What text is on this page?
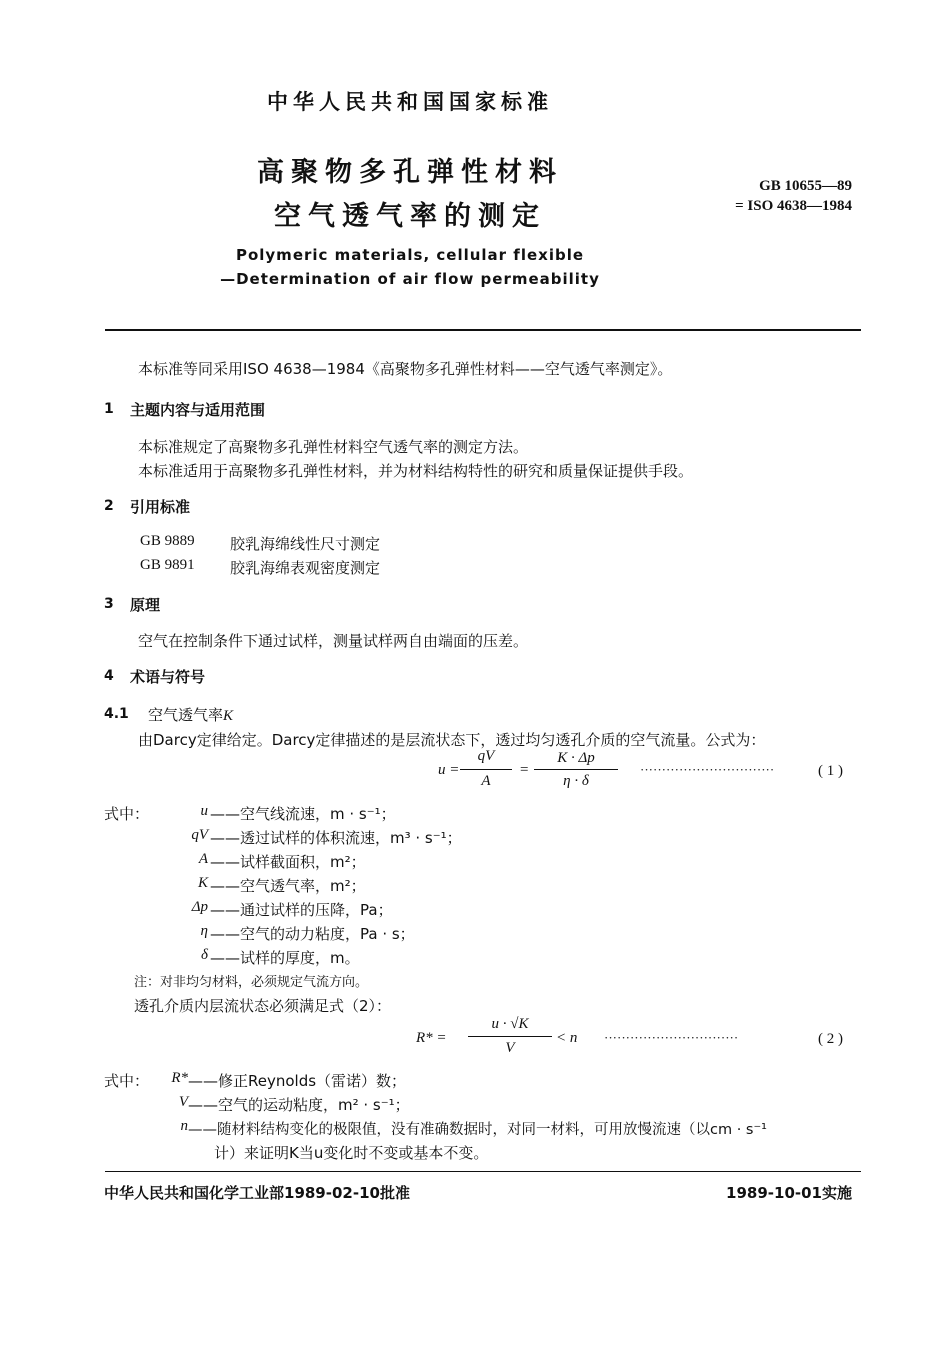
中华人民共和国国家标准
高聚物多孔弹性材料
空气透气率的测定
GB 10655—89
= ISO 4638—1984
Polymeric materials, cellular flexible
—Determination of air flow permeability
本标准等同采用ISO 4638—1984《高聚物多孔弹性材料——空气透气率测定》。
1 主题内容与适用范围
本标准规定了高聚物多孔弹性材料空气透气率的测定方法。
本标准适用于高聚物多孔弹性材料，并为材料结构特性的研究和质量保证提供手段。
2 引用标准
GB 9889 胶乳海绵线性尺寸测定
GB 9891 胶乳海绵表观密度测定
3 原理
空气在控制条件下通过试样，测量试样两自由端面的压差。
4 术语与符号
4.1 空气透气率K
由Darcy定律给定。Darcy定律描述的是层流状态下，透过均匀透孔介质的空气流量。公式为：
u =
qV
A
=
K · Δp
η · δ
·······························	( 1 )
式中：	u ——空气线流速，m · s⁻¹；
qV ——透过试样的体积流速，m³ · s⁻¹；
A ——试样截面积，m²；
K ——空气透气率，m²；
Δp ——通过试样的压降，Pa；
η ——空气的动力粘度，Pa · s；
δ ——试样的厚度，m。
注：对非均匀材料，必须规定气流方向。
透孔介质内层流状态必须满足式（2）：
R* =
u · √K
V
< n ·······························	( 2 )
式中：	R* ——修正Reynolds（雷诺）数；
V ——空气的运动粘度，m² · s⁻¹；
n ——随材料结构变化的极限值，没有准确数据时，对同一材料，可用放慢流速（以cm · s⁻¹
计）来证明K当u变化时不变或基本不变。
中华人民共和国化学工业部1989-02-10批准	1989-10-01实施
